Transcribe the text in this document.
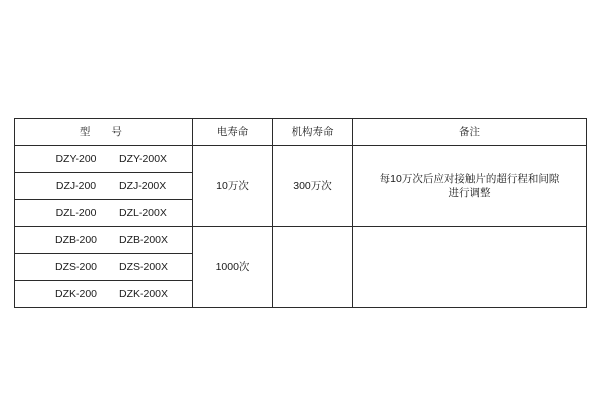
型　号	电寿命	机构寿命	备注

DZY-200 DZY-200X	10万次	300万次	每10万次后应对接触片的超行程和间隙
进行调整

DZJ-200 DZJ-200X			

DZL-200 DZL-200X			

DZB-200 DZB-200X	1000次		

DZS-200 DZS-200X			

DZK-200 DZK-200X			
